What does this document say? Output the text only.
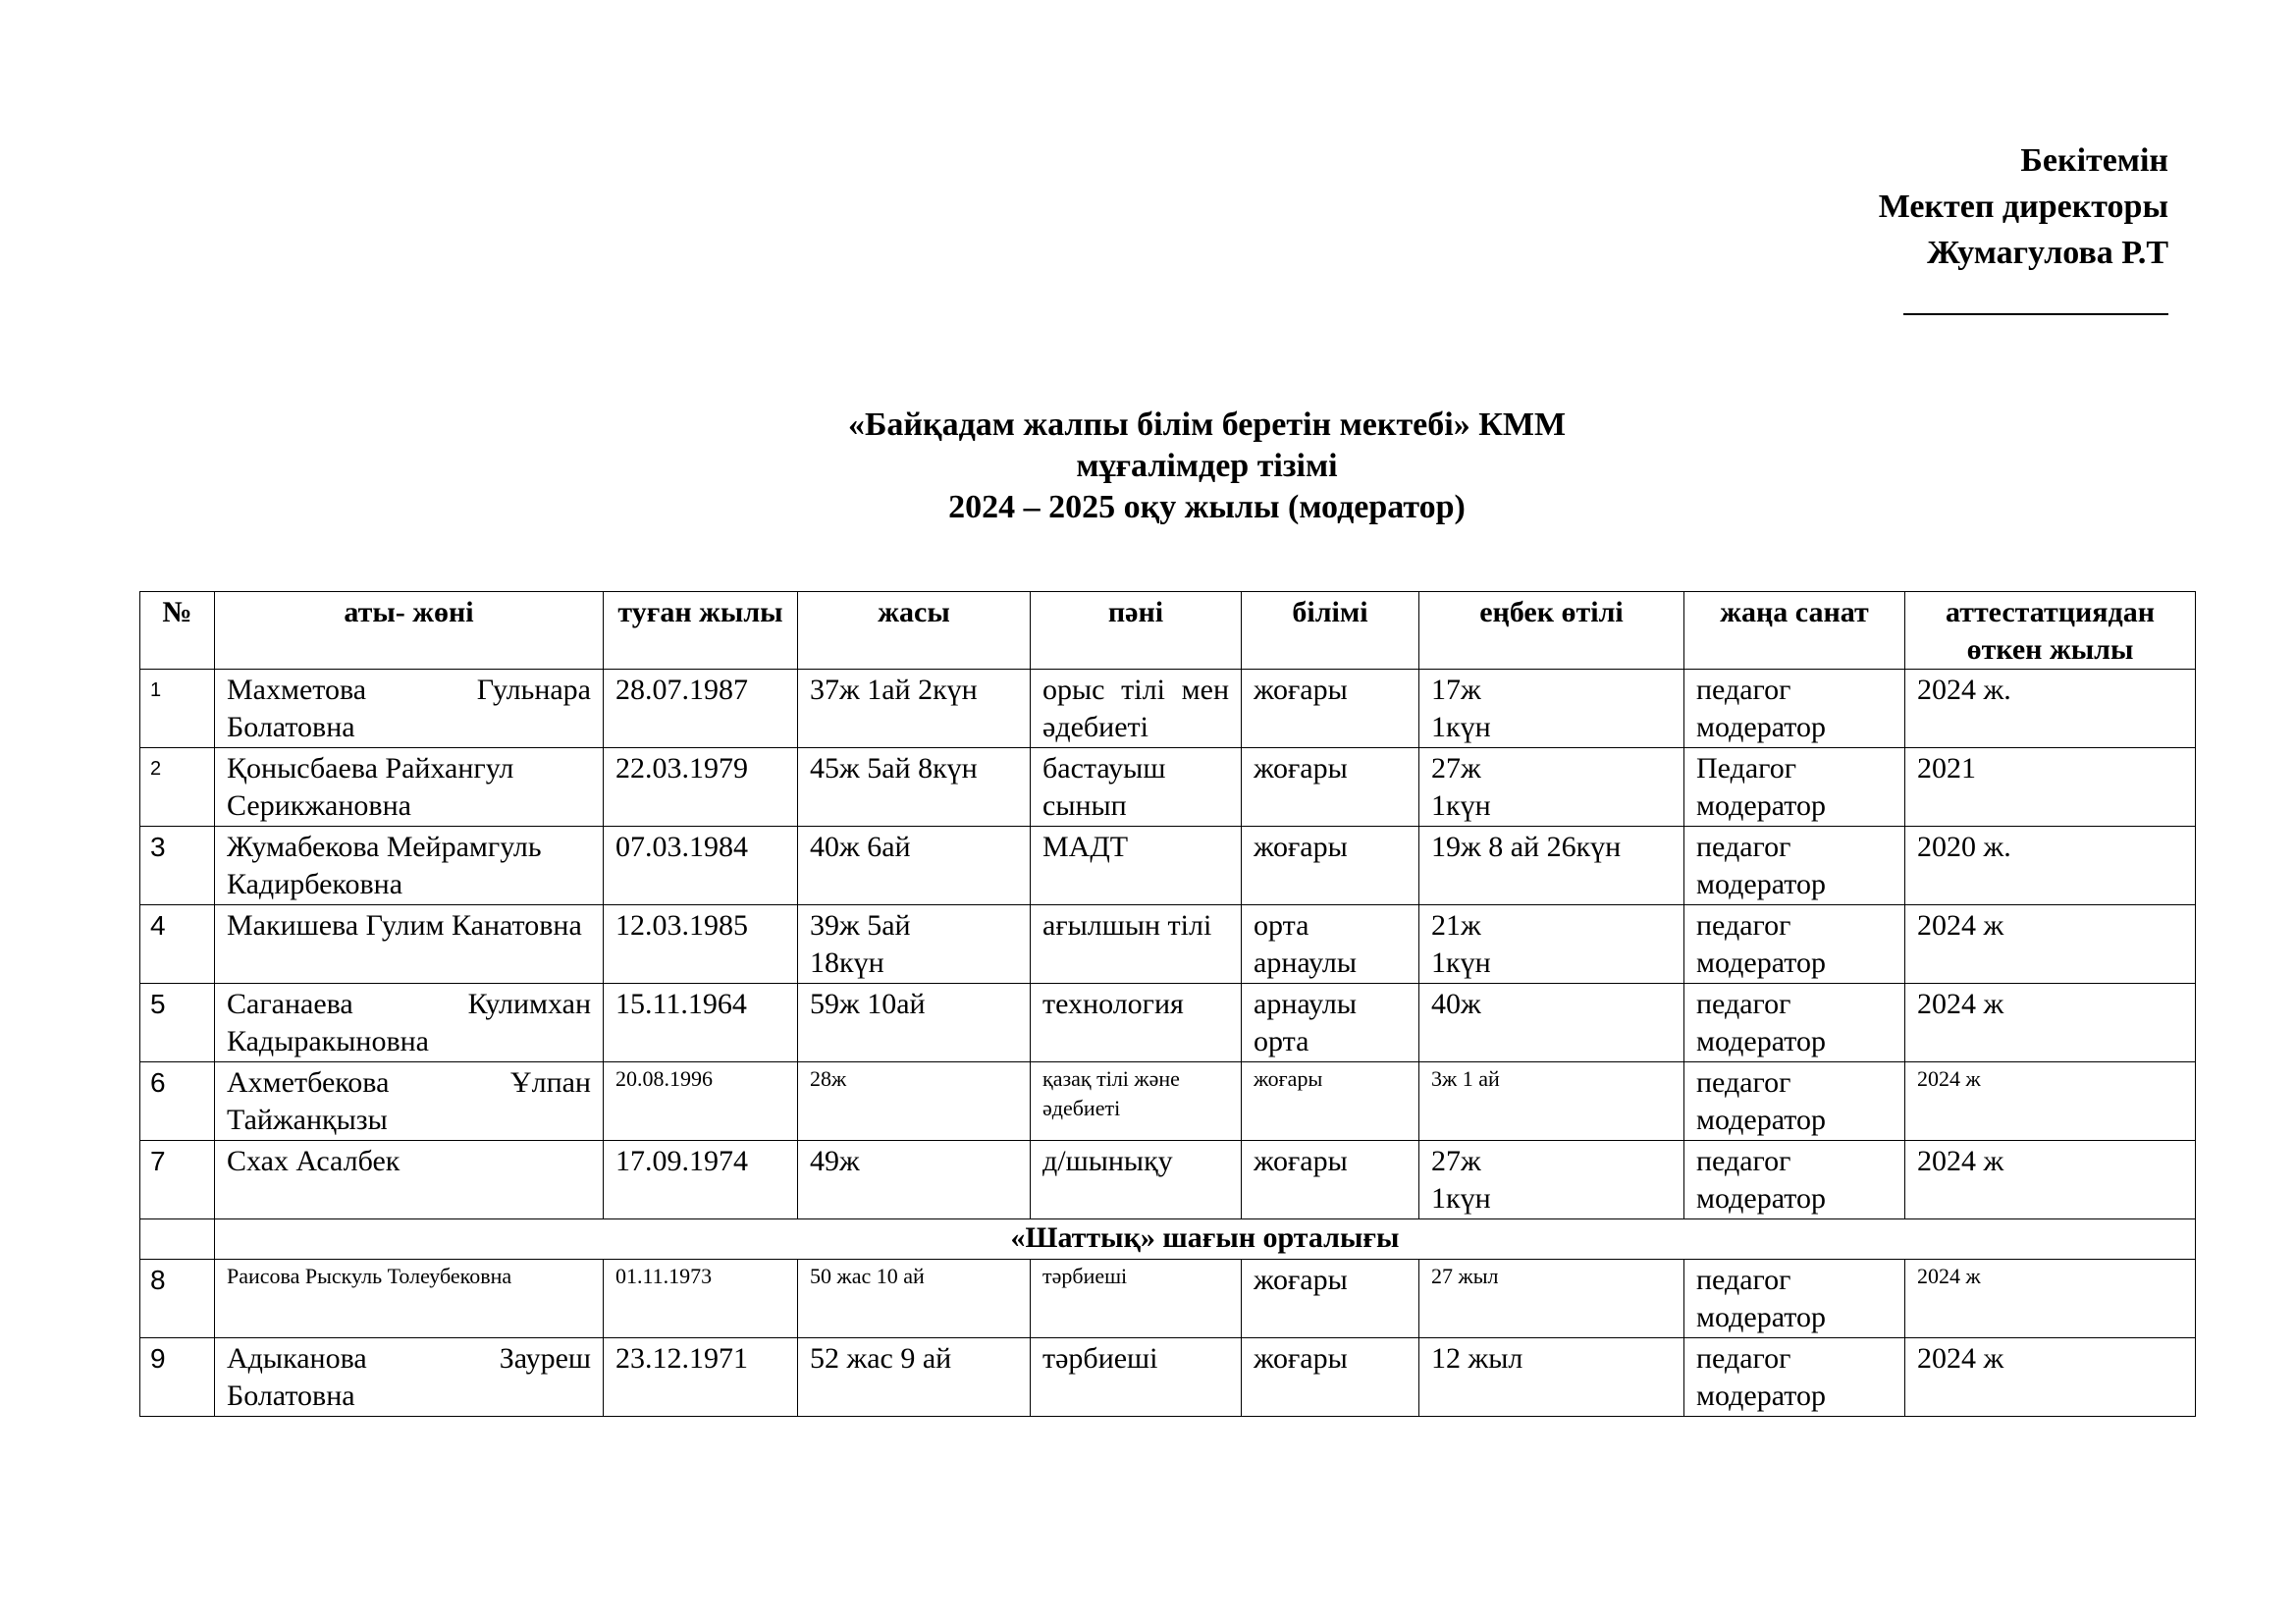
Бекітемін
Мектеп директоры
Жумагулова Р.Т
«Байқадам жалпы білім беретін мектебі» КММ
мұғалімдер тізімі
2024 – 2025 оқу жылы (модератор)
№	аты- жөні	туған жылы	жасы	пәні	білімі	еңбек өтілі	жаңа санат	аттестатциядан өткен жылы
1	Махметова Гульнара Болатовна	28.07.1987	37ж 1ай 2күн	орыс тілі мен әдебиеті	жоғары	17ж 1күн	педагог модератор	2024 ж.
2	Қонысбаева Райхангул Серикжановна	22.03.1979	45ж 5ай 8күн	бастауыш сынып	жоғары	27ж 1күн	Педагог модератор	2021
3	Жумабекова Мейрамгуль Кадирбековна	07.03.1984	40ж 6ай	МАДТ	жоғары	19ж 8 ай 26күн	педагог модератор	2020 ж.
4	Макишева Гулим Канатовна	12.03.1985	39ж 5ай 18күн	ағылшын тілі	орта арнаулы	21ж 1күн	педагог модератор	2024 ж
5	Саганаева Кулимхан Кадыракыновна	15.11.1964	59ж 10ай	технология	арнаулы орта	40ж	педагог модератор	2024 ж
6	Ахметбекова Ұлпан Тайжанқызы	20.08.1996	28ж	қазақ тілі және әдебиеті	жоғары	3ж 1 ай	педагог модератор	2024 ж
7	Схах Асалбек	17.09.1974	49ж	д/шынықу	жоғары	27ж 1күн	педагог модератор	2024 ж
	«Шаттық» шағын орталығы							
8	Раисова Рыскуль Толеубековна	01.11.1973	50 жас 10 ай	тәрбиеші	жоғары	27 жыл	педагог модератор	2024 ж
9	Адыканова Зауреш Болатовна	23.12.1971	52 жас 9 ай	тәрбиеші	жоғары	12 жыл	педагог модератор	2024 ж
